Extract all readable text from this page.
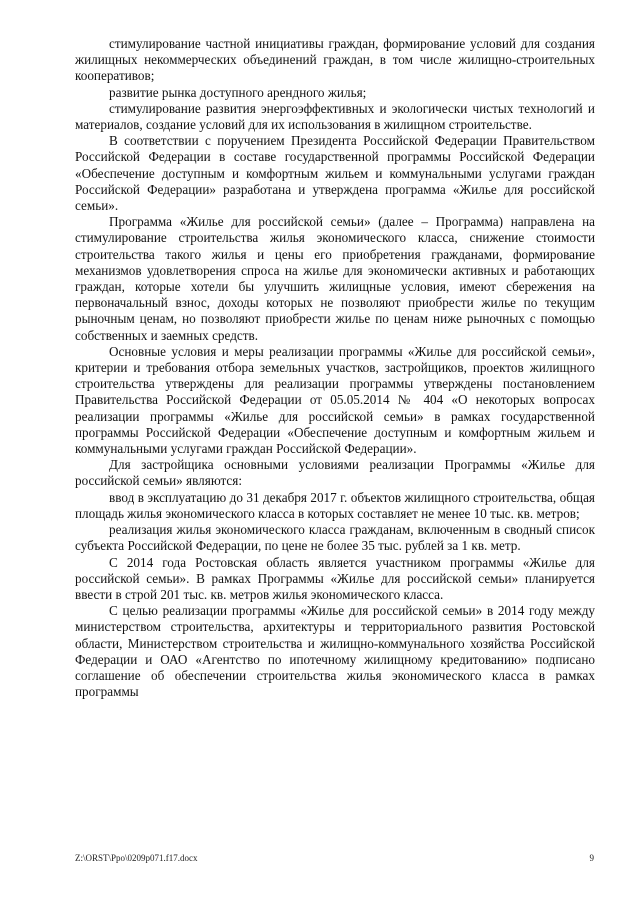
стимулирование частной инициативы граждан, формирование условий для создания жилищных некоммерческих объединений граждан, в том числе жилищно-строительных кооперативов;

развитие рынка доступного арендного жилья;

стимулирование развития энергоэффективных и экологически чистых технологий и материалов, создание условий для их использования в жилищном строительстве.

В соответствии с поручением Президента Российской Федерации Правительством Российской Федерации в составе государственной программы Российской Федерации «Обеспечение доступным и комфортным жильем и коммунальными услугами граждан Российской Федерации» разработана и утверждена программа «Жилье для российской семьи».

Программа «Жилье для российской семьи» (далее – Программа) направлена на стимулирование строительства жилья экономического класса, снижение стоимости строительства такого жилья и цены его приобретения гражданами, формирование механизмов удовлетворения спроса на жилье для экономически активных и работающих граждан, которые хотели бы улучшить жилищные условия, имеют сбережения на первоначальный взнос, доходы которых не позволяют приобрести жилье по текущим рыночным ценам, но позволяют приобрести жилье по ценам ниже рыночных с помощью собственных и заемных средств.

Основные условия и меры реализации программы «Жилье для российской семьи», критерии и требования отбора земельных участков, застройщиков, проектов жилищного строительства утверждены для реализации программы утверждены постановлением Правительства Российской Федерации от 05.05.2014 № 404 «О некоторых вопросах реализации программы «Жилье для российской семьи» в рамках государственной программы Российской Федерации «Обеспечение доступным и комфортным жильем и коммунальными услугами граждан Российской Федерации».

Для застройщика основными условиями реализации Программы «Жилье для российской семьи» являются:

ввод в эксплуатацию до 31 декабря 2017 г. объектов жилищного строительства, общая площадь жилья экономического класса в которых составляет не менее 10 тыс. кв. метров;

реализация жилья экономического класса гражданам, включенным в сводный список субъекта Российской Федерации, по цене не более 35 тыс. рублей за 1 кв. метр.

С 2014 года Ростовская область является участником программы «Жилье для российской семьи». В рамках Программы «Жилье для российской семьи» планируется ввести в строй 201 тыс. кв. метров жилья экономического класса.

С целью реализации программы «Жилье для российской семьи» в 2014 году между министерством строительства, архитектуры и территориального развития Ростовской области, Министерством строительства и жилищно-коммунального хозяйства Российской Федерации и ОАО «Агентство по ипотечному жилищному кредитованию» подписано соглашение об обеспечении строительства жилья экономического класса в рамках программы

Z:\ORST\Ppo\0209p071.f17.docx	9
